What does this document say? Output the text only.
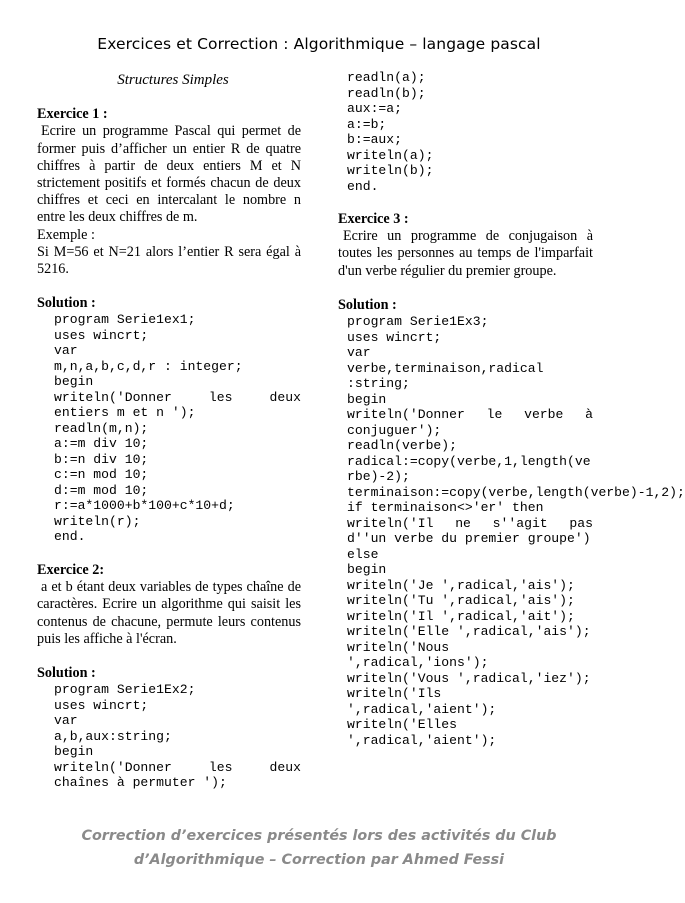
Exercices et Correction : Algorithmique – langage pascal

Structures Simples

Exercice 1 :

Ecrire un programme Pascal qui permet de former puis d’afficher un entier R de quatre chiffres à partir de deux entiers M et N strictement positifs et formés chacun de deux chiffres et ceci en intercalant le nombre n entre les deux chiffres de m.

Exemple :

Si M=56 et N=21 alors l’entier R sera égal à 5216.

Solution :

program Serie1ex1;
uses wincrt;
var
m,n,a,b,c,d,r : integer;
begin
writeln('Donner les deux entiers m et n ');
readln(m,n);
a:=m div 10;
b:=n div 10;
c:=n mod 10;
d:=m mod 10;
r:=a*1000+b*100+c*10+d;
writeln(r);
end.

Exercice 2:

a et b étant deux variables de types chaîne de caractères. Ecrire un algorithme qui saisit les contenus de chacune, permute leurs contenus puis les affiche à l'écran.

Solution :

program Serie1Ex2;
uses wincrt;
var
a,b,aux:string;
begin
writeln('Donner les deux chaînes à permuter ');
readln(a);
readln(b);
aux:=a;
a:=b;
b:=aux;
writeln(a);
writeln(b);
end.

Exercice 3 :

Ecrire un programme de conjugaison à toutes les personnes au temps de l'imparfait d'un verbe régulier du premier groupe.

Solution :

program Serie1Ex3;
uses wincrt;
var
verbe,terminaison,radical :string;
begin
writeln('Donner le verbe à conjuguer');
readln(verbe);
radical:=copy(verbe,1,length(verbe)-2);
terminaison:=copy(verbe,length(verbe)-1,2);
if terminaison<>'er' then
writeln('Il ne s''agit pas d''un verbe du premier groupe')
else
begin
writeln('Je ',radical,'ais');
writeln('Tu ',radical,'ais');
writeln('Il ',radical,'ait');
writeln('Elle ',radical,'ais');
writeln('Nous ',radical,'ions');
writeln('Vous ',radical,'iez');
writeln('Ils ',radical,'aient');
writeln('Elles ',radical,'aient');
Correction d’exercices présentés lors des activités du Club
d’Algorithmique – Correction par Ahmed Fessi
